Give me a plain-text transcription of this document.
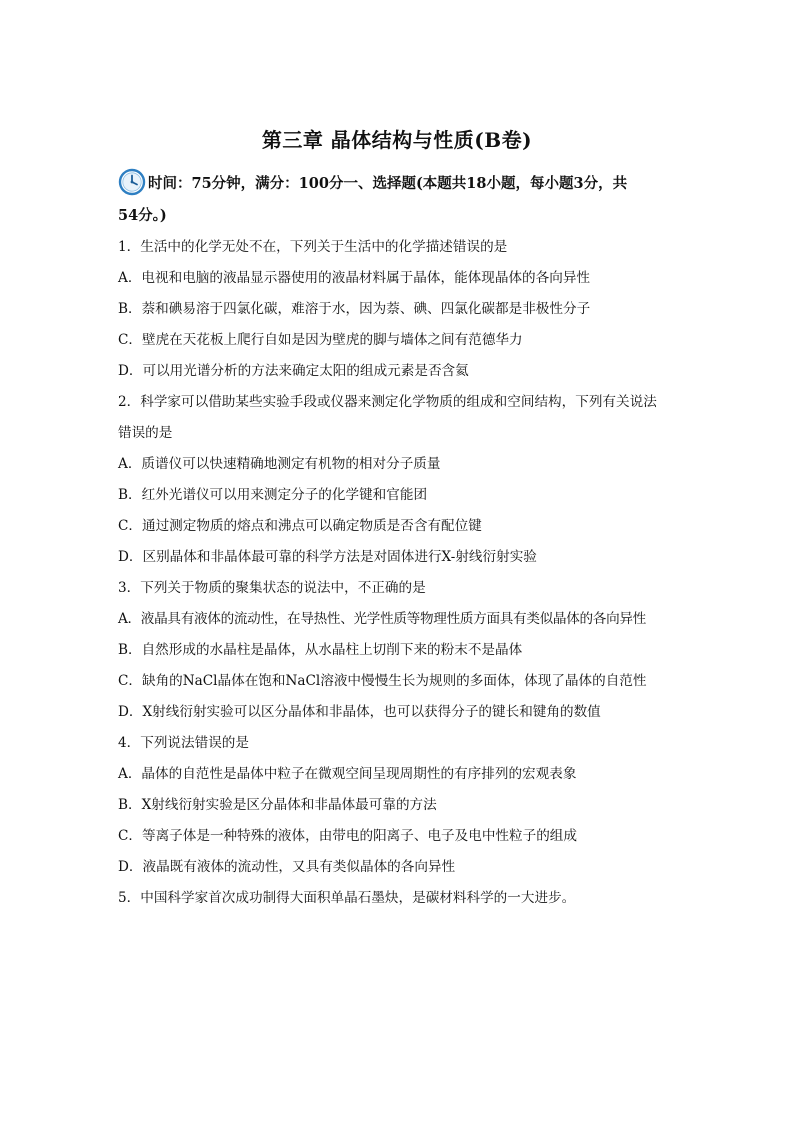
第三章 晶体结构与性质(B卷)
时间：75分钟，满分：100分一、选择题(本题共18小题，每小题3分，共
54分。)
1．生活中的化学无处不在，下列关于生活中的化学描述错误的是
A．电视和电脑的液晶显示器使用的液晶材料属于晶体，能体现晶体的各向异性
B．萘和碘易溶于四氯化碳，难溶于水，因为萘、碘、四氯化碳都是非极性分子
C．壁虎在天花板上爬行自如是因为壁虎的脚与墙体之间有范德华力
D．可以用光谱分析的方法来确定太阳的组成元素是否含氦
2．科学家可以借助某些实验手段或仪器来测定化学物质的组成和空间结构，下列有关说法
错误的是
A．质谱仪可以快速精确地测定有机物的相对分子质量
B．红外光谱仪可以用来测定分子的化学键和官能团
C．通过测定物质的熔点和沸点可以确定物质是否含有配位键
D．区别晶体和非晶体最可靠的科学方法是对固体进行X-射线衍射实验
3．下列关于物质的聚集状态的说法中，不正确的是
A．液晶具有液体的流动性，在导热性、光学性质等物理性质方面具有类似晶体的各向异性
B．自然形成的水晶柱是晶体，从水晶柱上切削下来的粉末不是晶体
C．缺角的NaCl晶体在饱和NaCl溶液中慢慢生长为规则的多面体，体现了晶体的自范性
D．X射线衍射实验可以区分晶体和非晶体，也可以获得分子的键长和键角的数值
4．下列说法错误的是
A．晶体的自范性是晶体中粒子在微观空间呈现周期性的有序排列的宏观表象
B．X射线衍射实验是区分晶体和非晶体最可靠的方法
C．等离子体是一种特殊的液体，由带电的阳离子、电子及电中性粒子的组成
D．液晶既有液体的流动性，又具有类似晶体的各向异性
5．中国科学家首次成功制得大面积单晶石墨炔，是碳材料科学的一大进步。
